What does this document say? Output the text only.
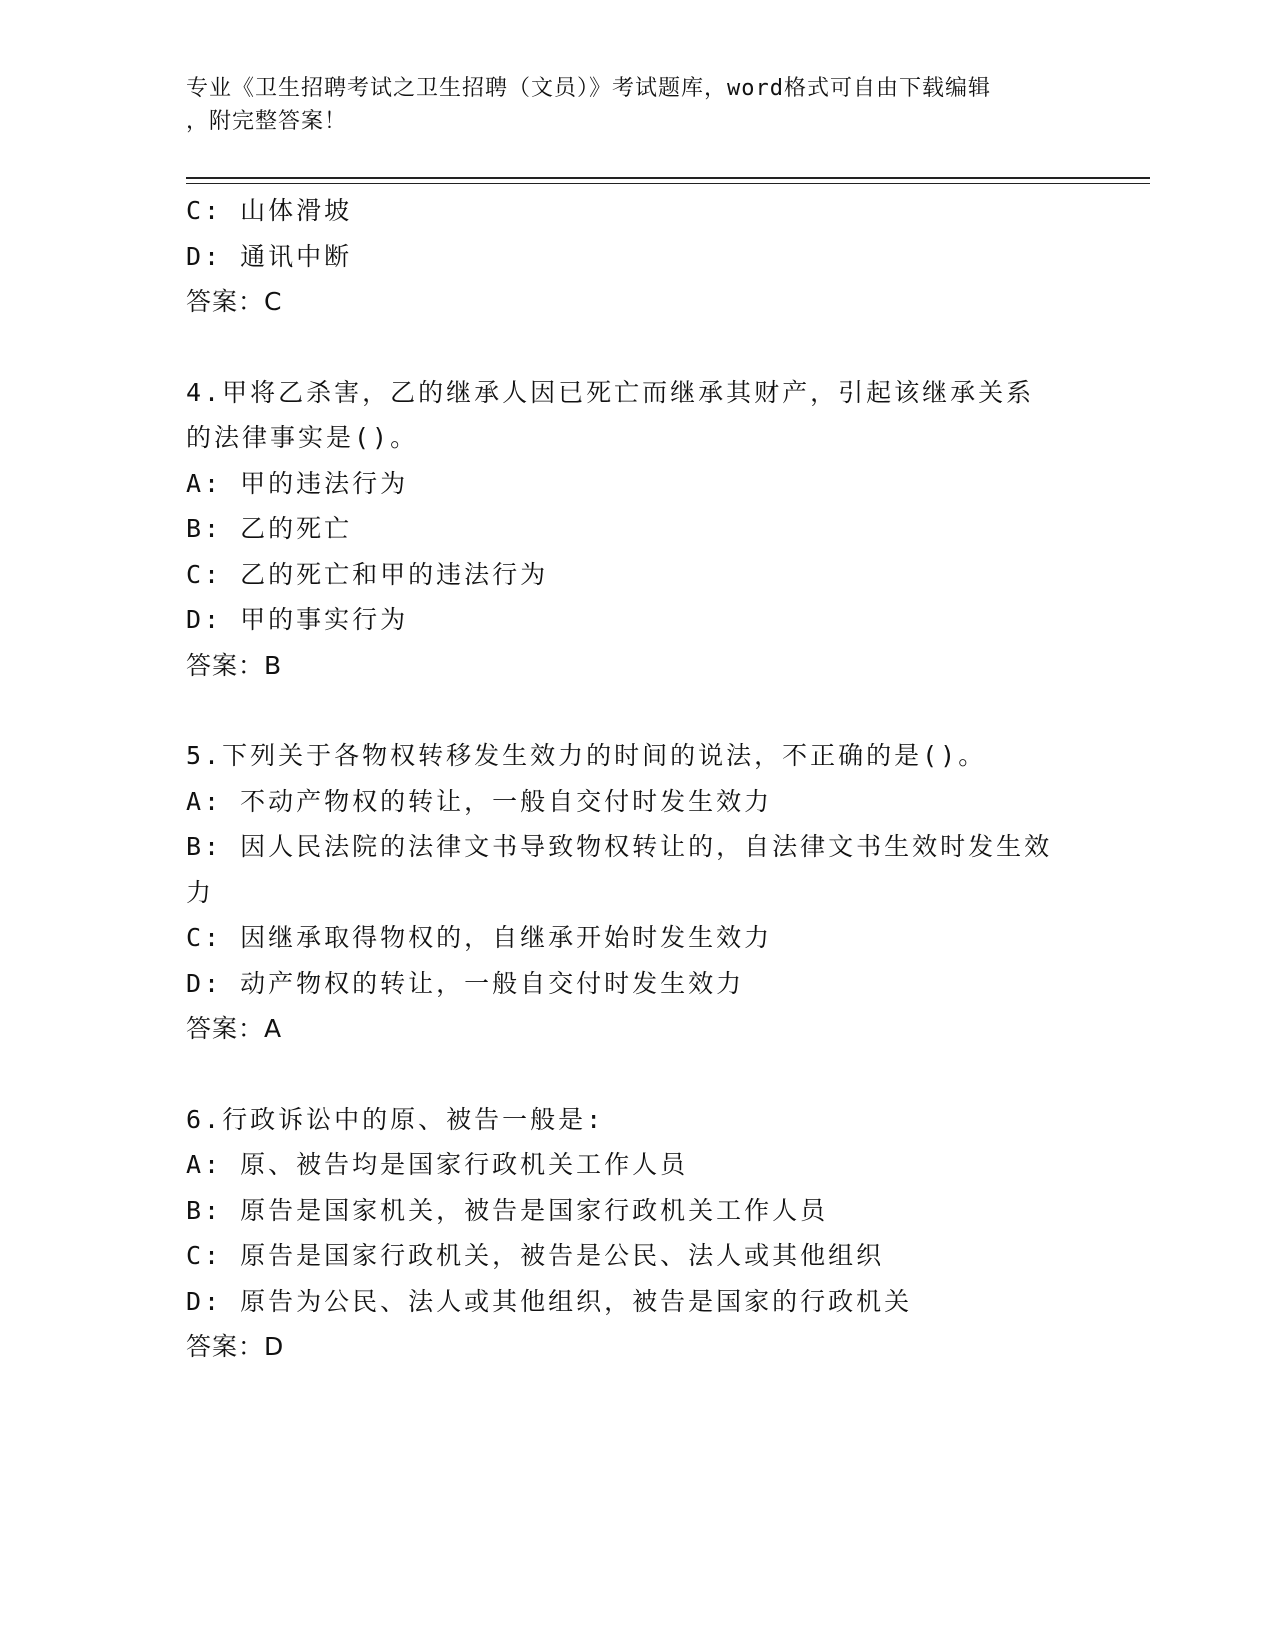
专业《卫生招聘考试之卫生招聘（文员）》考试题库，word格式可自由下载编辑
，附完整答案！
C: 山体滑坡
D: 通讯中断
答案：C
4.甲将乙杀害，乙的继承人因已死亡而继承其财产，引起该继承关系
的法律事实是()。
A: 甲的违法行为
B: 乙的死亡
C: 乙的死亡和甲的违法行为
D: 甲的事实行为
答案：B
5.下列关于各物权转移发生效力的时间的说法，不正确的是()。
A: 不动产物权的转让，一般自交付时发生效力
B: 因人民法院的法律文书导致物权转让的，自法律文书生效时发生效
力
C: 因继承取得物权的，自继承开始时发生效力
D: 动产物权的转让，一般自交付时发生效力
答案：A
6.行政诉讼中的原、被告一般是:
A: 原、被告均是国家行政机关工作人员
B: 原告是国家机关，被告是国家行政机关工作人员
C: 原告是国家行政机关，被告是公民、法人或其他组织
D: 原告为公民、法人或其他组织，被告是国家的行政机关
答案：D
